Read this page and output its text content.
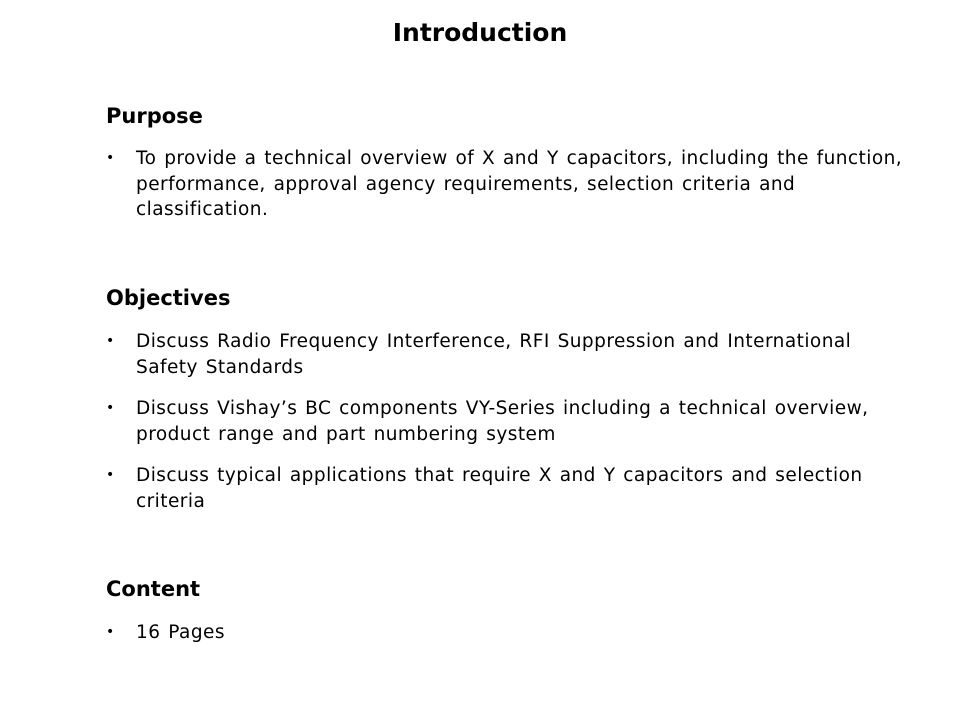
Introduction
Purpose
• To provide a technical overview of X and Y capacitors, including the function, performance, approval agency requirements, selection criteria and classification.
Objectives
• Discuss Radio Frequency Interference, RFI Suppression and International Safety Standards
• Discuss Vishay’s BC components VY-Series including a technical overview, product range and part numbering system
• Discuss typical applications that require X and Y capacitors and selection criteria
Content
• 16 Pages
